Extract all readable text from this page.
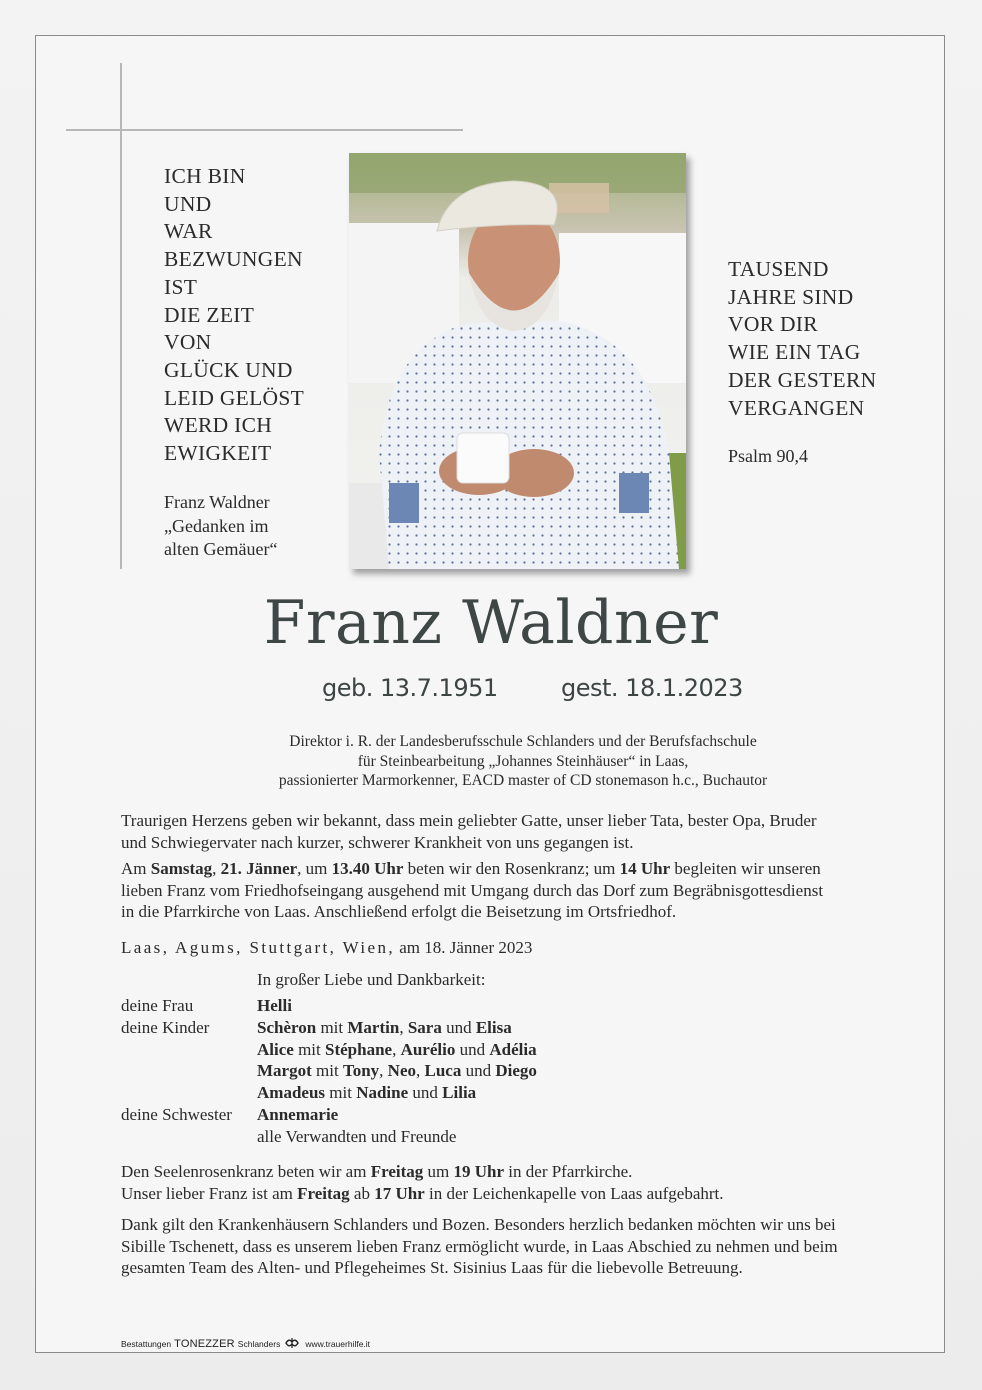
ICH BIN
UND
WAR
BEZWUNGEN
IST
DIE ZEIT
VON
GLÜCK UND
LEID GELÖST
WERD ICH
EWIGKEIT
Franz Waldner
„Gedanken im
alten Gemäuer“
TAUSEND
JAHRE SIND
VOR DIR
WIE EIN TAG
DER GESTERN
VERGANGEN
Psalm 90,4
Franz Waldner
geb. 13.7.1951	gest. 18.1.2023
Direktor i. R. der Landesberufsschule Schlanders und der Berufsfachschule
für Steinbearbeitung „Johannes Steinhäuser“ in Laas,
passionierter Marmorkenner, EACD master of CD stonemason h.c., Buchautor
Traurigen Herzens geben wir bekannt, dass mein geliebter Gatte, unser lieber Tata, bester Opa, Bruder
und Schwiegervater nach kurzer, schwerer Krankheit von uns gegangen ist.
Am Samstag, 21. Jänner, um 13.40 Uhr beten wir den Rosenkranz; um 14 Uhr begleiten wir unseren
lieben Franz vom Friedhofseingang ausgehend mit Umgang durch das Dorf zum Begräbnisgottesdienst
in die Pfarrkirche von Laas. Anschließend erfolgt die Beisetzung im Ortsfriedhof.
Laas, Agums, Stuttgart, Wien, am 18. Jänner 2023
In großer Liebe und Dankbarkeit:
deine Frau	Helli
deine Kinder	Schèron mit Martin, Sara und Elisa
Alice mit Stéphane, Aurélio und Adélia
Margot mit Tony, Neo, Luca und Diego
Amadeus mit Nadine und Lilia
deine Schwester	Annemarie
alle Verwandten und Freunde
Den Seelenrosenkranz beten wir am Freitag um 19 Uhr in der Pfarrkirche.
Unser lieber Franz ist am Freitag ab 17 Uhr in der Leichenkapelle von Laas aufgebahrt.
Dank gilt den Krankenhäusern Schlanders und Bozen. Besonders herzlich bedanken möchten wir uns bei
Sibille Tschenett, dass es unserem lieben Franz ermöglicht wurde, in Laas Abschied zu nehmen und beim
gesamten Team des Alten- und Pflegeheimes St. Sisinius Laas für die liebevolle Betreuung.
Bestattungen TONEZZER Schlanders	www.trauerhilfe.it
